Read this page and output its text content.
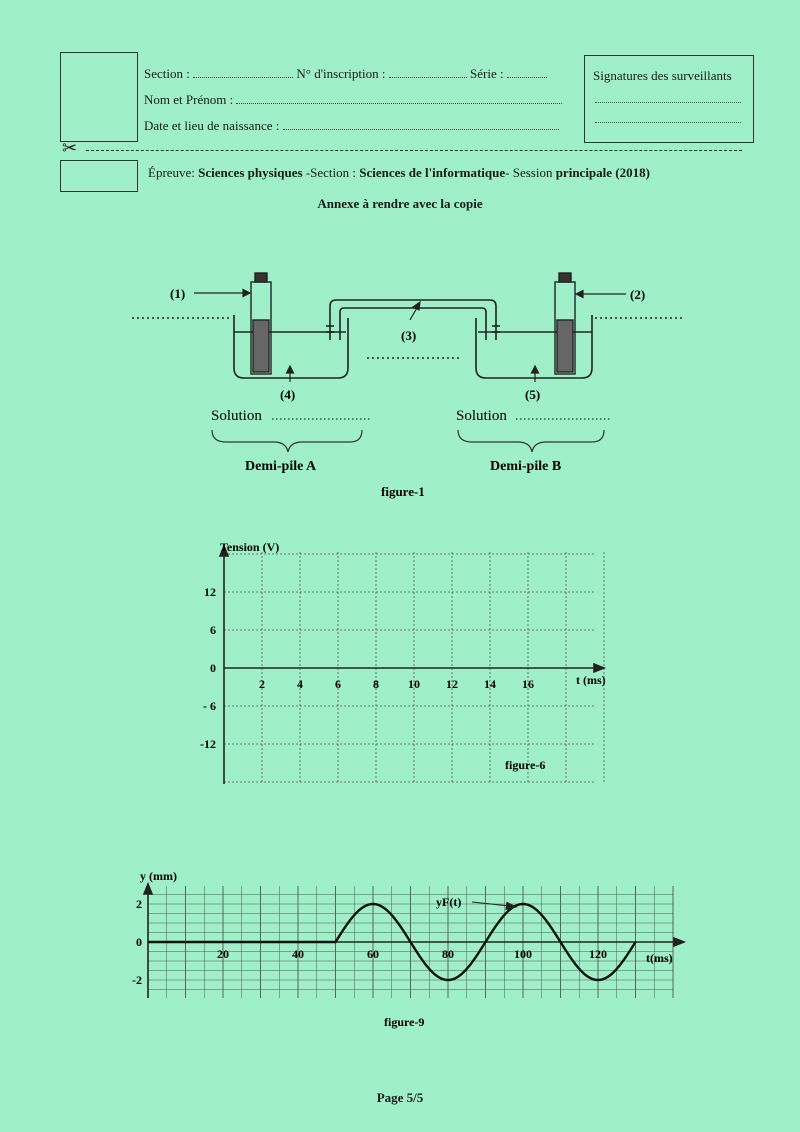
Section :	N° d'inscription :	Série :
Nom et Prénom :
Date et lieu de naissance :
Signatures des surveillants
✂
Épreuve: Sciences physiques -Section : Sciences de l'informatique- Session principale (2018)
Annexe à rendre avec la copie
(1)	(2)
(3)
(4)	(5)
Solution	Solution
Demi-pile A	Demi-pile B
figure-1
Tension (V)
t (ms)
figure-6
12
6
0
- 6
-12
2	4	6	8 10 12 14 16
y (mm)
t(ms)
yF(t)
figure-9
2
0
-2
20	40	60	80	100	120
Page 5/5
